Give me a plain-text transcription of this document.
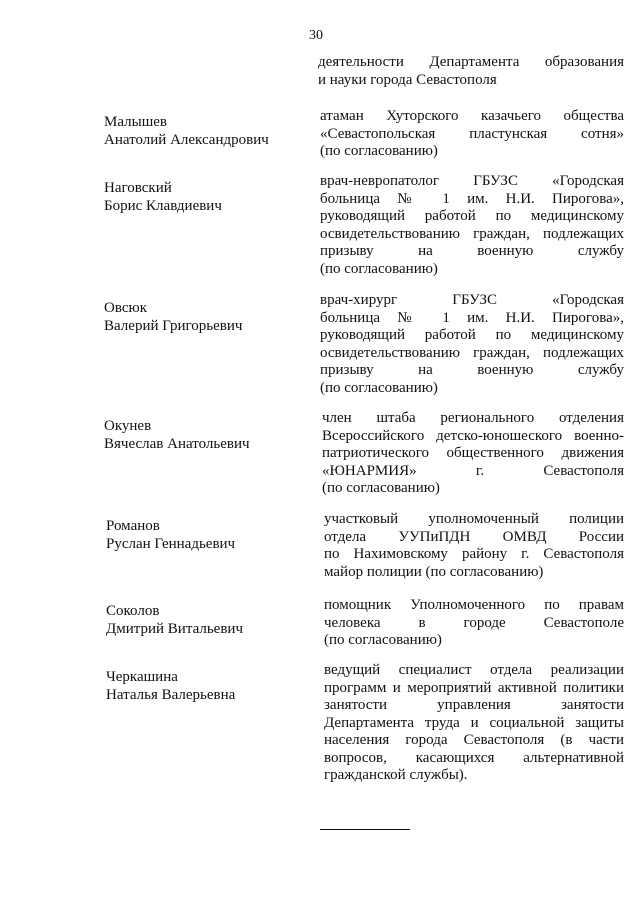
30
деятельности Департамента образования
и науки города Севастополя
Малышев
Анатолий Александрович
атаман Хуторского казачьего общества
«Севастопольская пластунская сотня»
(по согласованию)
Наговский
Борис Клавдиевич
врач-невропатолог ГБУЗС «Городская
больница № 1 им. Н.И. Пирогова»,
руководящий работой по медицинскому
освидетельствованию граждан, подлежащих
призыву на военную службу
(по согласованию)
Овсюк
Валерий Григорьевич
врач-хирург ГБУЗС «Городская
больница № 1 им. Н.И. Пирогова»,
руководящий работой по медицинскому
освидетельствованию граждан, подлежащих
призыву на военную службу
(по согласованию)
Окунев
Вячеслав Анатольевич
член штаба регионального отделения
Всероссийского детско-юношеского военно-
патриотического общественного движения
«ЮНАРМИЯ» г. Севастополя
(по согласованию)
Романов
Руслан Геннадьевич
участковый уполномоченный полиции
отдела УУПиПДН ОМВД России
по Нахимовскому району г. Севастополя
майор полиции (по согласованию)
Соколов
Дмитрий Витальевич
помощник Уполномоченного по правам
человека в городе Севастополе
(по согласованию)
Черкашина
Наталья Валерьевна
ведущий специалист отдела реализации
программ и мероприятий активной политики
занятости управления занятости
Департамента труда и социальной защиты
населения города Севастополя (в части
вопросов, касающихся альтернативной
гражданской службы).
